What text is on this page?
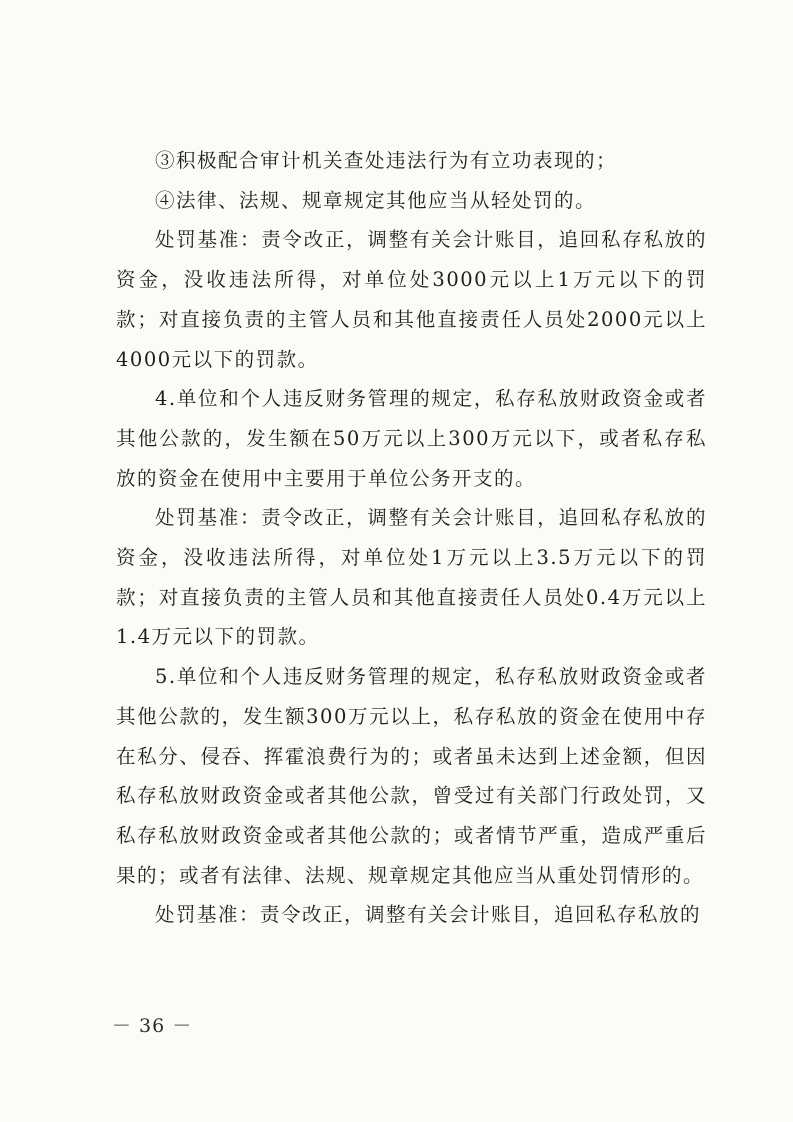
③积极配合审计机关查处违法行为有立功表现的；

④法律、法规、规章规定其他应当从轻处罚的。

处罚基准：责令改正，调整有关会计账目，追回私存私放的资金，没收违法所得，对单位处3000元以上1万元以下的罚款；对直接负责的主管人员和其他直接责任人员处2000元以上4000元以下的罚款。

4.单位和个人违反财务管理的规定，私存私放财政资金或者其他公款的，发生额在50万元以上300万元以下，或者私存私放的资金在使用中主要用于单位公务开支的。

处罚基准：责令改正，调整有关会计账目，追回私存私放的资金，没收违法所得，对单位处1万元以上3.5万元以下的罚款；对直接负责的主管人员和其他直接责任人员处0.4万元以上1.4万元以下的罚款。

5.单位和个人违反财务管理的规定，私存私放财政资金或者其他公款的，发生额300万元以上，私存私放的资金在使用中存在私分、侵吞、挥霍浪费行为的；或者虽未达到上述金额，但因私存私放财政资金或者其他公款，曾受过有关部门行政处罚，又私存私放财政资金或者其他公款的；或者情节严重，造成严重后果的；或者有法律、法规、规章规定其他应当从重处罚情形的。

处罚基准：责令改正，调整有关会计账目，追回私存私放的

－ 36 －
